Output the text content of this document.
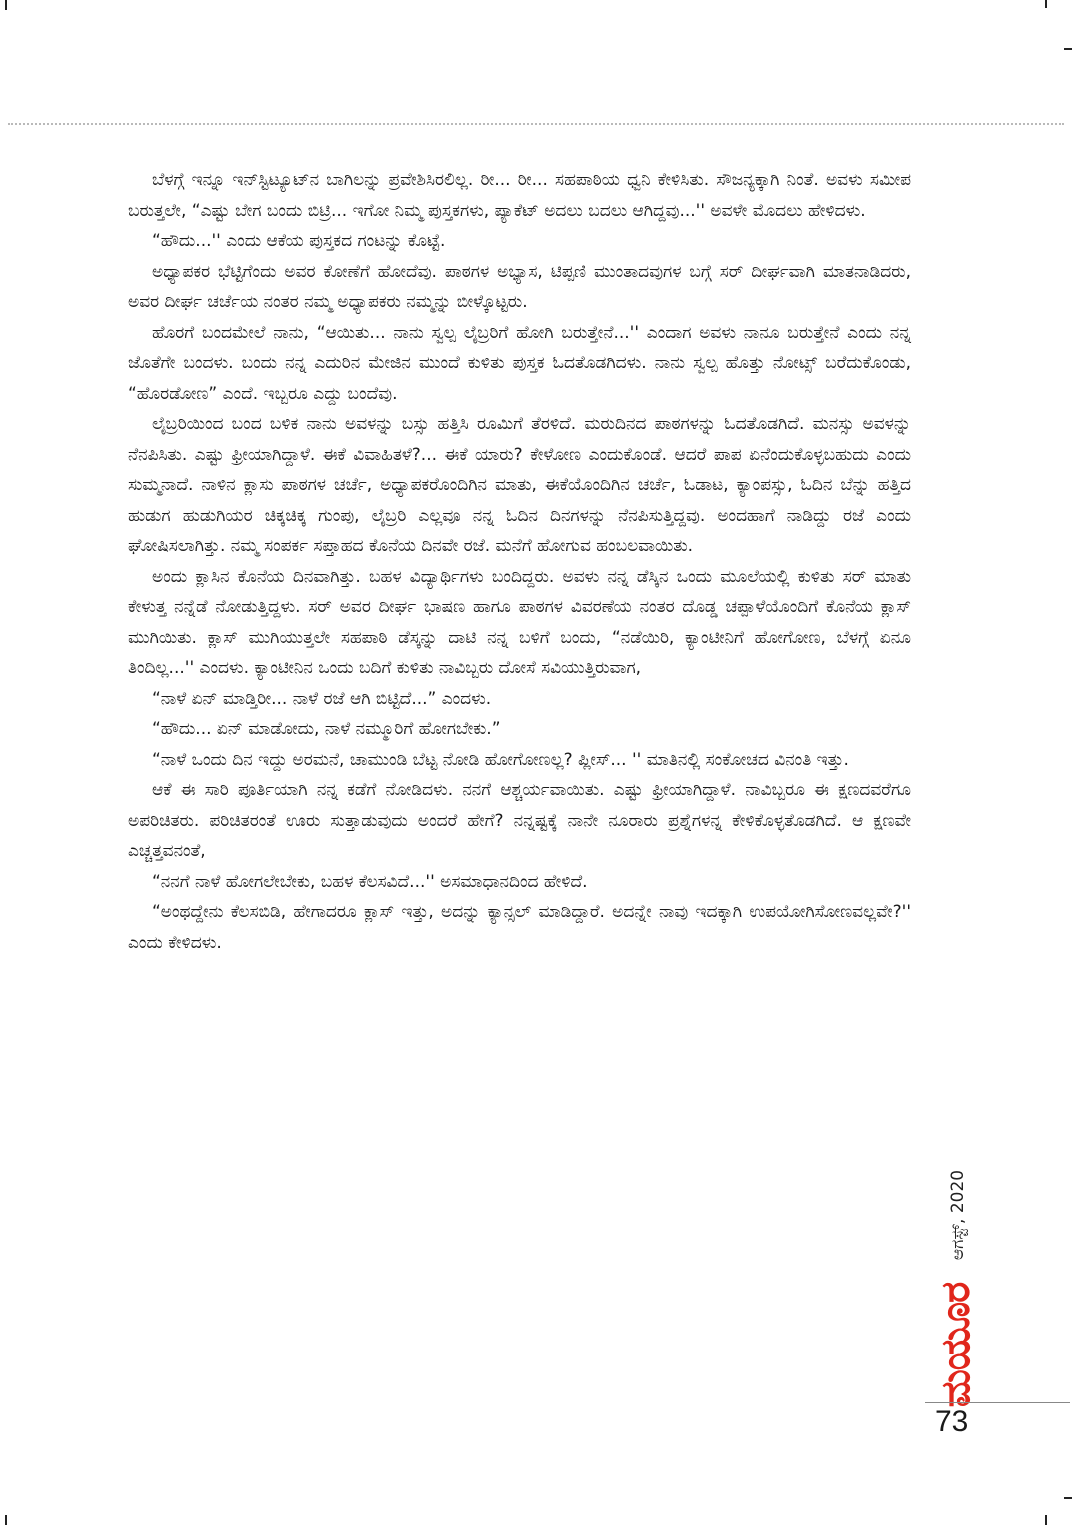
ಬೆಳಗ್ಗೆ ಇನ್ನೂ ಇನ್‌ಸ್ಟಿಟ್ಯೂಟ್‌ನ ಬಾಗಿಲನ್ನು ಪ್ರವೇಶಿಸಿರಲಿಲ್ಲ. ರೀ... ರೀ... ಸಹಪಾಠಿಯ ಧ್ವನಿ ಕೇಳಿಸಿತು. ಸೌಜನ್ಯಕ್ಕಾಗಿ ನಿಂತೆ. ಅವಳು ಸಮೀಪ ಬರುತ್ತಲೇ, “ಎಷ್ಟು ಬೇಗ ಬಂದು ಬಿಟ್ರಿ... ಇಗೋ ನಿಮ್ಮ ಪುಸ್ತಕಗಳು, ಪ್ಯಾಕೆಟ್ ಅದಲು ಬದಲು ಆಗಿದ್ದವು...'' ಅವಳೇ ಮೊದಲು ಹೇಳಿದಳು.

“ಹೌದು...'' ಎಂದು ಆಕೆಯ ಪುಸ್ತಕದ ಗಂಟನ್ನು ಕೊಟ್ಟೆ.

ಅಧ್ಯಾಪಕರ ಭೆಟ್ಟಿಗೆಂದು ಅವರ ಕೋಣೆಗೆ ಹೋದೆವು. ಪಾಠಗಳ ಅಭ್ಯಾಸ, ಟಿಪ್ಪಣಿ ಮುಂತಾದವುಗಳ ಬಗ್ಗೆ ಸರ್ ದೀರ್ಘವಾಗಿ ಮಾತನಾಡಿದರು, ಅವರ ದೀರ್ಘ ಚರ್ಚೆಯ ನಂತರ ನಮ್ಮ ಅಧ್ಯಾಪಕರು ನಮ್ಮನ್ನು ಬೀಳ್ಕೊಟ್ಟರು.

ಹೊರಗೆ ಬಂದಮೇಲೆ ನಾನು, “ಆಯಿತು... ನಾನು ಸ್ವಲ್ಪ ಲೈಬ್ರರಿಗೆ ಹೋಗಿ ಬರುತ್ತೇನೆ...'' ಎಂದಾಗ ಅವಳು ನಾನೂ ಬರುತ್ತೇನೆ ಎಂದು ನನ್ನ ಜೊತೆಗೇ ಬಂದಳು. ಬಂದು ನನ್ನ ಎದುರಿನ ಮೇಜಿನ ಮುಂದೆ ಕುಳಿತು ಪುಸ್ತಕ ಓದತೊಡಗಿದಳು. ನಾನು ಸ್ವಲ್ಪ ಹೊತ್ತು ನೋಟ್ಸ್ ಬರೆದುಕೊಂಡು, “ಹೊರಡೋಣ” ಎಂದೆ. ಇಬ್ಬರೂ ಎದ್ದು ಬಂದೆವು.

ಲೈಬ್ರರಿಯಿಂದ ಬಂದ ಬಳಿಕ ನಾನು ಅವಳನ್ನು ಬಸ್ಸು ಹತ್ತಿಸಿ ರೂಮಿಗೆ ತೆರಳಿದೆ. ಮರುದಿನದ ಪಾಠಗಳನ್ನು ಓದತೊಡಗಿದೆ. ಮನಸ್ಸು ಅವಳನ್ನು ನೆನಪಿಸಿತು. ಎಷ್ಟು ಫ್ರೀಯಾಗಿದ್ದಾಳೆ. ಈಕೆ ವಿವಾಹಿತಳೆ?... ಈಕೆ ಯಾರು? ಕೇಳೋಣ ಎಂದುಕೊಂಡೆ. ಆದರೆ ಪಾಪ ಏನೆಂದುಕೊಳ್ಳಬಹುದು ಎಂದು ಸುಮ್ಮನಾದೆ. ನಾಳಿನ ಕ್ಲಾಸು ಪಾಠಗಳ ಚರ್ಚೆ, ಅಧ್ಯಾಪಕರೊಂದಿಗಿನ ಮಾತು, ಈಕೆಯೊಂದಿಗಿನ ಚರ್ಚೆ, ಓಡಾಟ, ಕ್ಯಾಂಪಸ್ಸು, ಓದಿನ ಬೆನ್ನು ಹತ್ತಿದ ಹುಡುಗ ಹುಡುಗಿಯರ ಚಿಕ್ಕಚಿಕ್ಕ ಗುಂಪು, ಲೈಬ್ರರಿ ಎಲ್ಲವೂ ನನ್ನ ಓದಿನ ದಿನಗಳನ್ನು ನೆನಪಿಸುತ್ತಿದ್ದವು. ಅಂದಹಾಗೆ ನಾಡಿದ್ದು ರಜೆ ಎಂದು ಘೋಷಿಸಲಾಗಿತ್ತು. ನಮ್ಮ ಸಂಪರ್ಕ ಸಪ್ತಾಹದ ಕೊನೆಯ ದಿನವೇ ರಜೆ. ಮನೆಗೆ ಹೋಗುವ ಹಂಬಲವಾಯಿತು.

ಅಂದು ಕ್ಲಾಸಿನ ಕೊನೆಯ ದಿನವಾಗಿತ್ತು. ಬಹಳ ವಿದ್ಯಾರ್ಥಿಗಳು ಬಂದಿದ್ದರು. ಅವಳು ನನ್ನ ಡೆಸ್ಕಿನ ಒಂದು ಮೂಲೆಯಲ್ಲಿ ಕುಳಿತು ಸರ್ ಮಾತು ಕೇಳುತ್ತ ನನ್ನೆಡೆ ನೋಡುತ್ತಿದ್ದಳು. ಸರ್ ಅವರ ದೀರ್ಘ ಭಾಷಣ ಹಾಗೂ ಪಾಠಗಳ ವಿವರಣೆಯ ನಂತರ ದೊಡ್ಡ ಚಪ್ಪಾಳೆಯೊಂದಿಗೆ ಕೊನೆಯ ಕ್ಲಾಸ್ ಮುಗಿಯಿತು. ಕ್ಲಾಸ್ ಮುಗಿಯುತ್ತಲೇ ಸಹಪಾಠಿ ಡೆಸ್ಕನ್ನು ದಾಟಿ ನನ್ನ ಬಳಿಗೆ ಬಂದು, “ನಡೆಯಿರಿ, ಕ್ಯಾಂಟೀನಿಗೆ ಹೋಗೋಣ, ಬೆಳಗ್ಗೆ ಏನೂ ತಿಂದಿಲ್ಲ...'' ಎಂದಳು. ಕ್ಯಾಂಟೀನಿನ ಒಂದು ಬದಿಗೆ ಕುಳಿತು ನಾವಿಬ್ಬರು ದೋಸೆ ಸವಿಯುತ್ತಿರುವಾಗ,

“ನಾಳೆ ಏನ್ ಮಾಡ್ತಿರೀ... ನಾಳೆ ರಜೆ ಆಗಿ ಬಿಟ್ಟಿದೆ...” ಎಂದಳು.

“ಹೌದು... ಏನ್ ಮಾಡೋದು, ನಾಳೆ ನಮ್ಮೂರಿಗೆ ಹೋಗಬೇಕು.”

“ನಾಳೆ ಒಂದು ದಿನ ಇದ್ದು ಅರಮನೆ, ಚಾಮುಂಡಿ ಬೆಟ್ಟ ನೋಡಿ ಹೋಗೋಣಲ್ಲ? ಪ್ಲೀಸ್... '' ಮಾತಿನಲ್ಲಿ ಸಂಕೋಚದ ವಿನಂತಿ ಇತ್ತು.

ಆಕೆ ಈ ಸಾರಿ ಪೂರ್ತಿಯಾಗಿ ನನ್ನ ಕಡೆಗೆ ನೋಡಿದಳು. ನನಗೆ ಆಶ್ಚರ್ಯವಾಯಿತು. ಎಷ್ಟು ಫ್ರೀಯಾಗಿದ್ದಾಳೆ. ನಾವಿಬ್ಬರೂ ಈ ಕ್ಷಣದವರೆಗೂ ಅಪರಿಚಿತರು. ಪರಿಚಿತರಂತೆ ಊರು ಸುತ್ತಾಡುವುದು ಅಂದರೆ ಹೇಗೆ? ನನ್ನಷ್ಟಕ್ಕೆ ನಾನೇ ನೂರಾರು ಪ್ರಶ್ನೆಗಳನ್ನ ಕೇಳಿಕೊಳ್ಳತೊಡಗಿದೆ. ಆ ಕ್ಷಣವೇ ಎಚ್ಚತ್ತವನಂತೆ,

“ನನಗೆ ನಾಳೆ ಹೋಗಲೇಬೇಕು, ಬಹಳ ಕೆಲಸವಿದೆ...'' ಅಸಮಾಧಾನದಿಂದ ಹೇಳಿದೆ.

“ಅಂಥದ್ದೇನು ಕೆಲಸಬಿಡಿ, ಹೇಗಾದರೂ ಕ್ಲಾಸ್ ಇತ್ತು, ಅದನ್ನು ಕ್ಯಾನ್ಸಲ್ ಮಾಡಿದ್ದಾರೆ. ಅದನ್ನೇ ನಾವು ಇದಕ್ಕಾಗಿ ಉಪಯೋಗಿಸೋಣವಲ್ಲವೇ?'' ಎಂದು ಕೇಳಿದಳು.

ಆಗಸ್ಟ್, 2020
ಮಯೂರ
73
